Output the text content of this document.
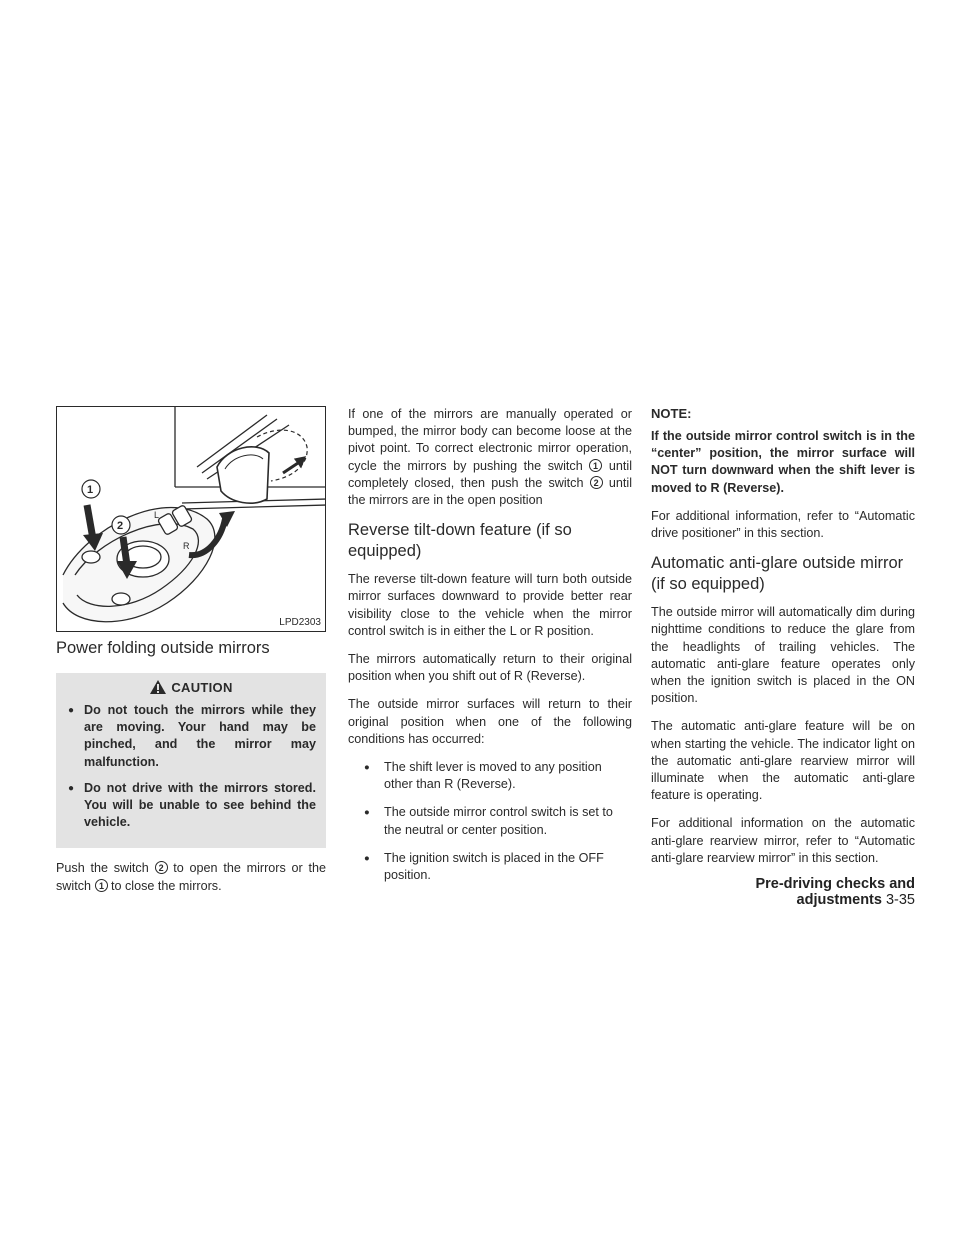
L
R
1
2
LPD2303
Power folding outside mirrors
CAUTION
● Do not touch the mirrors while they are moving. Your hand may be pinched, and the mirror may malfunction.
● Do not drive with the mirrors stored. You will be unable to see behind the vehicle.

Push the switch 2 to open the mirrors or the switch 1 to close the mirrors.

If one of the mirrors are manually operated or bumped, the mirror body can become loose at the pivot point. To correct electronic mirror operation, cycle the mirrors by pushing the switch 1 until completely closed, then push the switch 2 until the mirrors are in the open position

Reverse tilt-down feature (if so equipped)

The reverse tilt-down feature will turn both outside mirror surfaces downward to provide better rear visibility close to the vehicle when the mirror control switch is in either the L or R position.

The mirrors automatically return to their original position when you shift out of R (Reverse).

The outside mirror surfaces will return to their original position when one of the following conditions has occurred:

● The shift lever is moved to any position other than R (Reverse).
● The outside mirror control switch is set to the neutral or center position.
● The ignition switch is placed in the OFF position.
NOTE:

If the outside mirror control switch is in the “center” position, the mirror surface will NOT turn downward when the shift lever is moved to R (Reverse).

For additional information, refer to “Automatic drive positioner” in this section.

Automatic anti-glare outside mirror (if so equipped)

The outside mirror will automatically dim during nighttime conditions to reduce the glare from the headlights of trailing vehicles. The automatic anti-glare feature operates only when the ignition switch is placed in the ON position.

The automatic anti-glare feature will be on when starting the vehicle. The indicator light on the automatic anti-glare rearview mirror will illuminate when the automatic anti-glare feature is operating.

For additional information on the automatic anti-glare rearview mirror, refer to “Automatic anti-glare rearview mirror” in this section.

Pre-driving checks and adjustments 3-35
